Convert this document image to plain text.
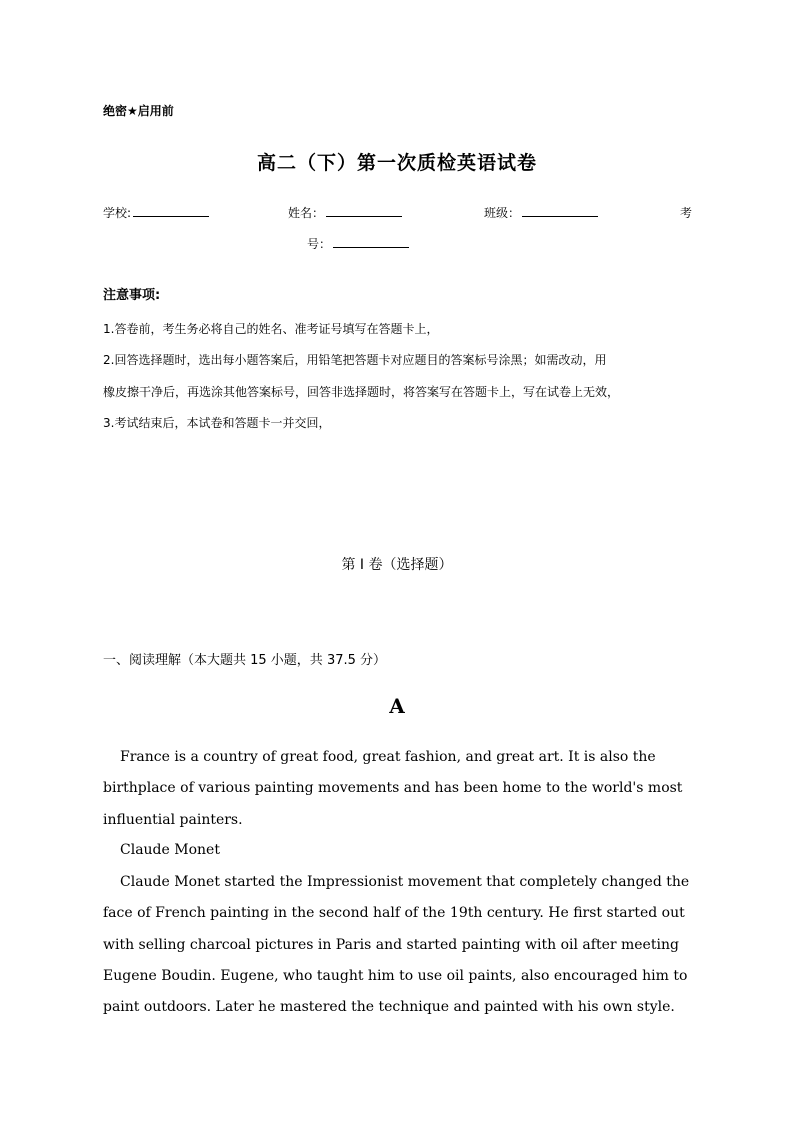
绝密★启用前
高二（下）第一次质检英语试卷
学校:	姓名：	班级：	考
号：
注意事项:
1.答卷前，考生务必将自己的姓名、准考证号填写在答题卡上，
2.回答选择题时，选出每小题答案后，用铅笔把答题卡对应题目的答案标号涂黑；如需改动，用
橡皮擦干净后，再选涂其他答案标号，回答非选择题时，将答案写在答题卡上，写在试卷上无效，
3.考试结束后，本试卷和答题卡一并交回，
第 I 卷（选择题）
一、阅读理解（本大题共 15 小题，共 37.5 分）
A

France is a country of great food, great fashion, and great art. It is also the birthplace of various painting movements and has been home to the world's most influential painters.

Claude Monet

Claude Monet started the Impressionist movement that completely changed the face of French painting in the second half of the 19th century. He first started out with selling charcoal pictures in Paris and started painting with oil after meeting Eugene Boudin. Eugene, who taught him to use oil paints, also encouraged him to paint outdoors. Later he mastered the technique and painted with his own style.
